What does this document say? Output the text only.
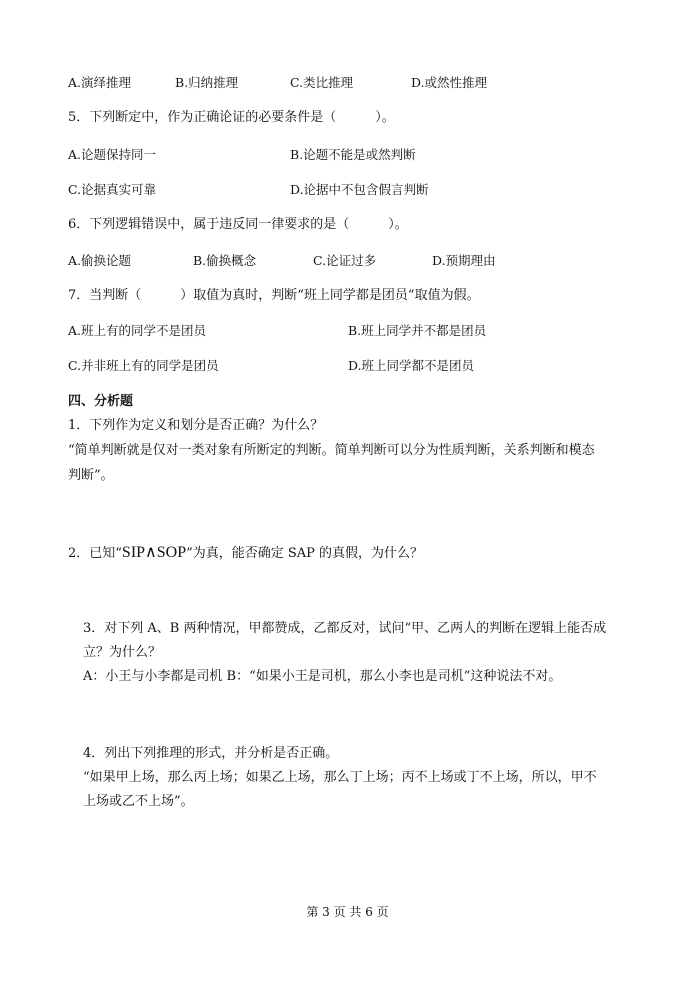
A.演绎推理	B.归纳推理	C.类比推理	D.或然性推理
5．下列断定中，作为正确论证的必要条件是（　　　）。
A.论题保持同一	B.论题不能是或然判断
C.论据真实可靠	D.论据中不包含假言判断
6．下列逻辑错误中，属于违反同一律要求的是（　　　）。
A.偷换论题	B.偷换概念	C.论证过多	D.预期理由
7．当判断（　　　）取值为真时，判断“班上同学都是团员“取值为假。
A.班上有的同学不是团员	B.班上同学并不都是团员
C.并非班上有的同学是团员	D.班上同学都不是团员
四、分析题
1．下列作为定义和划分是否正确？为什么？
“简单判断就是仅对一类对象有所断定的判断。简单判断可以分为性质判断，关系判断和模态
判断”。
2．已知“SIP∧SOP”为真，能否确定 SAP 的真假，为什么？
3．对下列 A、B 两种情况，甲都赞成，乙都反对，试问“甲、乙两人的判断在逻辑上能否成
立？为什么？
A：小王与小李都是司机 B：“如果小王是司机，那么小李也是司机”这种说法不对。
4．列出下列推理的形式，并分析是否正确。
“如果甲上场，那么丙上场；如果乙上场，那么丁上场；丙不上场或丁不上场，所以，甲不
上场或乙不上场”。
第 3 页 共 6 页
